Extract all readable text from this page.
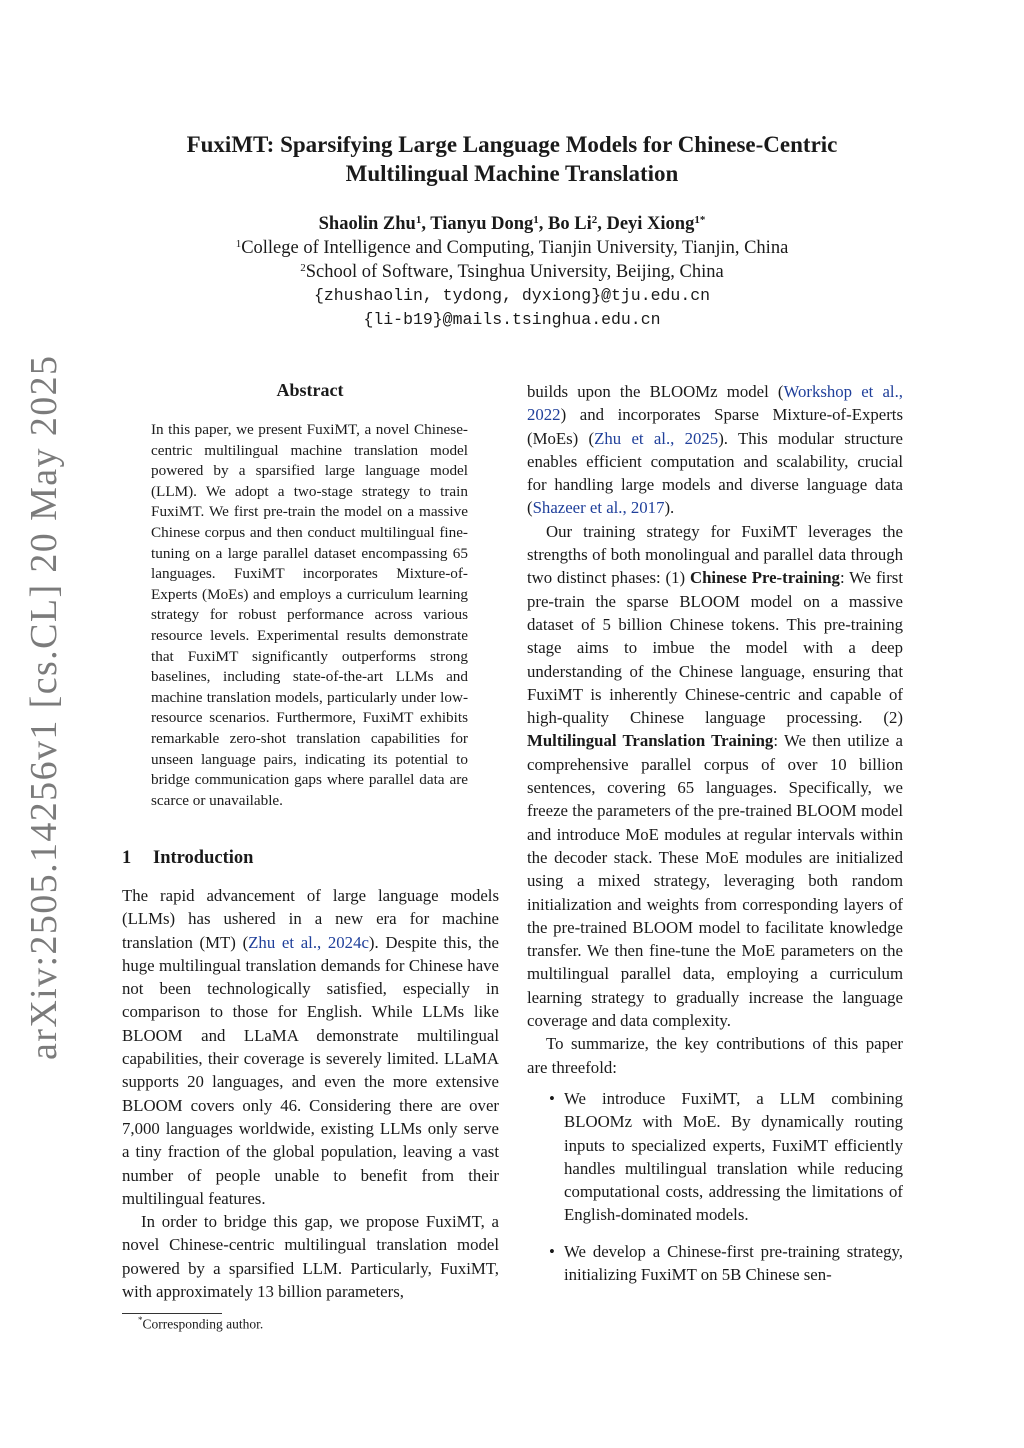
arXiv:2505.14256v1 [cs.CL] 20 May 2025
FuxiMT: Sparsifying Large Language Models for Chinese-Centric
Multilingual Machine Translation
Shaolin Zhu$^1$, Tianyu Dong$^1$, Bo Li$^2$, Deyi Xiong$^{1*}$
$^1$College of Intelligence and Computing, Tianjin University, Tianjin, China
$^2$School of Software, Tsinghua University, Beijing, China
{zhushaolin, tydong, dyxiong}@tju.edu.cn
{li-b19}@mails.tsinghua.edu.cn
Abstract
In this paper, we present FuxiMT, a novel Chinese-centric multilingual machine translation model powered by a sparsified large language model (LLM). We adopt a two-stage strategy to train FuxiMT. We first pre-train the model on a massive Chinese corpus and then conduct multilingual fine-tuning on a large parallel dataset encompassing 65 languages. FuxiMT incorporates Mixture-of-Experts (MoEs) and employs a curriculum learning strategy for robust performance across various resource levels. Experimental results demonstrate that FuxiMT significantly outperforms strong baselines, including state-of-the-art LLMs and machine translation models, particularly under low-resource scenarios. Furthermore, FuxiMT exhibits remarkable zero-shot translation capabilities for unseen language pairs, indicating its potential to bridge communication gaps where parallel data are scarce or unavailable.
1 Introduction

The rapid advancement of large language models (LLMs) has ushered in a new era for machine translation (MT) (Zhu et al., 2024c). Despite this, the huge multilingual translation demands for Chinese have not been technologically satisfied, especially in comparison to those for English. While LLMs like BLOOM and LLaMA demonstrate multilingual capabilities, their coverage is severely limited. LLaMA supports 20 languages, and even the more extensive BLOOM covers only 46. Considering there are over 7,000 languages worldwide, existing LLMs only serve a tiny fraction of the global population, leaving a vast number of people unable to benefit from their multilingual features.

In order to bridge this gap, we propose FuxiMT, a novel Chinese-centric multilingual translation model powered by a sparsified LLM. Particularly, FuxiMT, with approximately 13 billion parameters,

builds upon the BLOOMz model (Workshop et al., 2022) and incorporates Sparse Mixture-of-Experts (MoEs) (Zhu et al., 2025). This modular structure enables efficient computation and scalability, crucial for handling large models and diverse language data (Shazeer et al., 2017).

Our training strategy for FuxiMT leverages the strengths of both monolingual and parallel data through two distinct phases: (1) Chinese Pre-training: We first pre-train the sparse BLOOM model on a massive dataset of 5 billion Chinese tokens. This pre-training stage aims to imbue the model with a deep understanding of the Chinese language, ensuring that FuxiMT is inherently Chinese-centric and capable of high-quality Chinese language processing. (2) Multilingual Translation Training: We then utilize a comprehensive parallel corpus of over 10 billion sentences, covering 65 languages. Specifically, we freeze the parameters of the pre-trained BLOOM model and introduce MoE modules at regular intervals within the decoder stack. These MoE modules are initialized using a mixed strategy, leveraging both random initialization and weights from corresponding layers of the pre-trained BLOOM model to facilitate knowledge transfer. We then fine-tune the MoE parameters on the multilingual parallel data, employing a curriculum learning strategy to gradually increase the language coverage and data complexity.

To summarize, the key contributions of this paper are threefold:

• We introduce FuxiMT, a LLM combining BLOOMz with MoE. By dynamically routing inputs to specialized experts, FuxiMT efficiently handles multilingual translation while reducing computational costs, addressing the limitations of English-dominated models.
• We develop a Chinese-first pre-training strategy, initializing FuxiMT on 5B Chinese sen-
*Corresponding author.
